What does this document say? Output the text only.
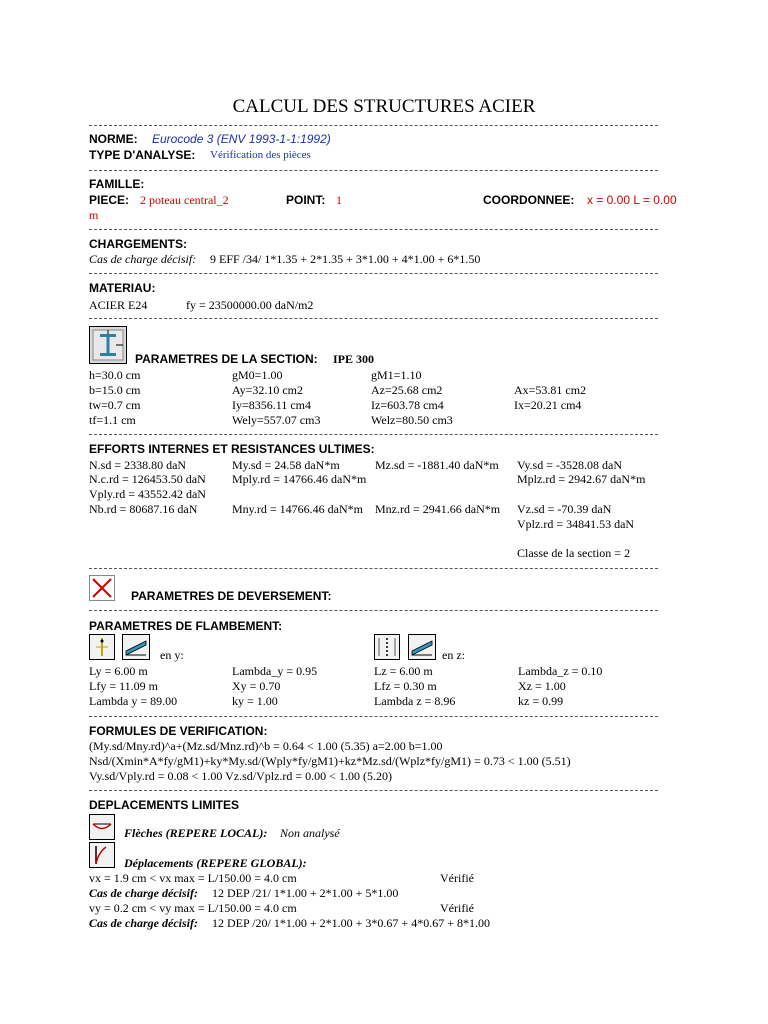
CALCUL DES STRUCTURES ACIER
NORME: Eurocode 3 (ENV 1993-1-1:1992)
TYPE D'ANALYSE: Vérification des pièces
FAMILLE:
PIECE: 2 poteau central_2	POINT: 1	COORDONNEE: x = 0.00 L = 0.00
m
CHARGEMENTS:
Cas de charge décisif: 9 EFF /34/ 1*1.35 + 2*1.35 + 3*1.00 + 4*1.00 + 6*1.50
MATERIAU:
ACIER E24	fy = 23500000.00 daN/m2
PARAMETRES DE LA SECTION: IPE 300
h=30.0 cm	gM0=1.00	gM1=1.10
b=15.0 cm	Ay=32.10 cm2	Az=25.68 cm2	Ax=53.81 cm2
tw=0.7 cm	Iy=8356.11 cm4	Iz=603.78 cm4	Ix=20.21 cm4
tf=1.1 cm	Wely=557.07 cm3	Welz=80.50 cm3
EFFORTS INTERNES ET RESISTANCES ULTIMES:
N.sd = 2338.80 daN	My.sd = 24.58 daN*m	Mz.sd = -1881.40 daN*m Vy.sd = -3528.08 daN
N.c.rd = 126453.50 daN Mply.rd = 14766.46 daN*m	Mplz.rd = 2942.67 daN*m
Vply.rd = 43552.42 daN
Nb.rd = 80687.16 daN	Mny.rd = 14766.46 daN*m Mnz.rd = 2941.66 daN*m Vz.sd = -70.39 daN
Vplz.rd = 34841.53 daN
Classe de la section = 2
PARAMETRES DE DEVERSEMENT:
PARAMETRES DE FLAMBEMENT:
en y:	en z:
Ly = 6.00 m	Lambda_y = 0.95	Lz = 6.00 m	Lambda_z = 0.10
Lfy = 11.09 m	Xy = 0.70	Lfz = 0.30 m	Xz = 1.00
Lambda y = 89.00	ky = 1.00	Lambda z = 8.96	kz = 0.99
FORMULES DE VERIFICATION:
(My.sd/Mny.rd)^a+(Mz.sd/Mnz.rd)^b = 0.64 < 1.00 (5.35) a=2.00 b=1.00
Nsd/(Xmin*A*fy/gM1)+ky*My.sd/(Wply*fy/gM1)+kz*Mz.sd/(Wplz*fy/gM1) = 0.73 < 1.00 (5.51)
Vy.sd/Vply.rd = 0.08 < 1.00 Vz.sd/Vplz.rd = 0.00 < 1.00 (5.20)
DEPLACEMENTS LIMITES
Flèches (REPERE LOCAL): Non analysé
Déplacements (REPERE GLOBAL):
vx = 1.9 cm < vx max = L/150.00 = 4.0 cm	Vérifié
Cas de charge décisif: 12 DEP /21/ 1*1.00 + 2*1.00 + 5*1.00
vy = 0.2 cm < vy max = L/150.00 = 4.0 cm	Vérifié
Cas de charge décisif: 12 DEP /20/ 1*1.00 + 2*1.00 + 3*0.67 + 4*0.67 + 8*1.00
